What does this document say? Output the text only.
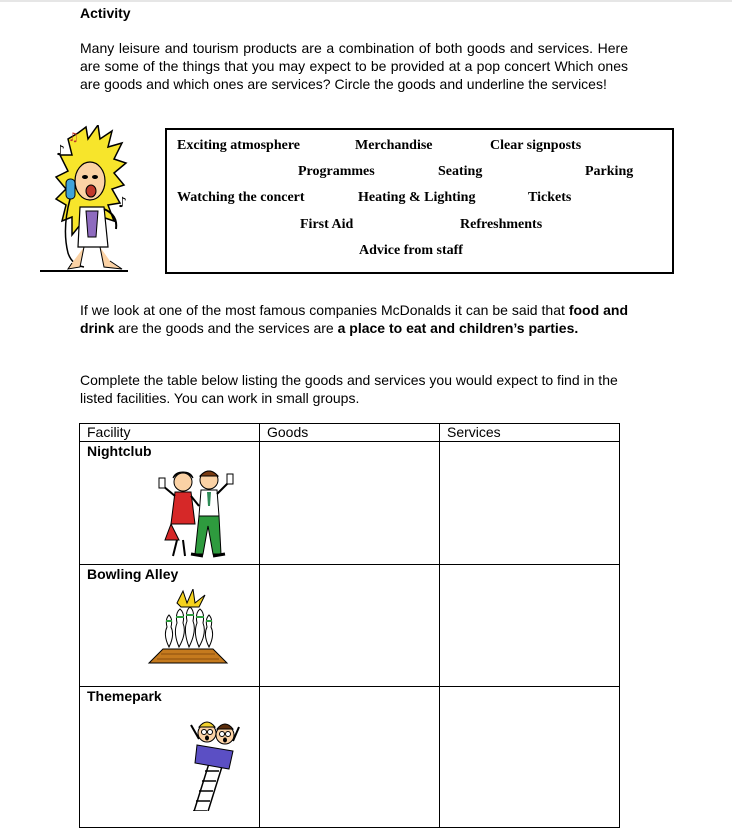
Activity
Many leisure and tourism products are a combination of both goods and services. Here are some of the things that you may expect to be provided at a pop concert Which ones are goods and which ones are services? Circle the goods and underline the services!
♪
♫
♪
Exciting atmosphere	Merchandise	Clear signposts
Programmes	Seating	Parking
Watching the concert	Heating & Lighting	Tickets
First Aid	Refreshments
Advice from staff
If we look at one of the most famous companies McDonalds it can be said that food and drink are the goods and the services are a place to eat and children’s parties.
Complete the table below listing the goods and services you would expect to find in the listed facilities. You can work in small groups.
Facility	Goods	Services

Nightclub		

Bowling Alley		

Themepark		
